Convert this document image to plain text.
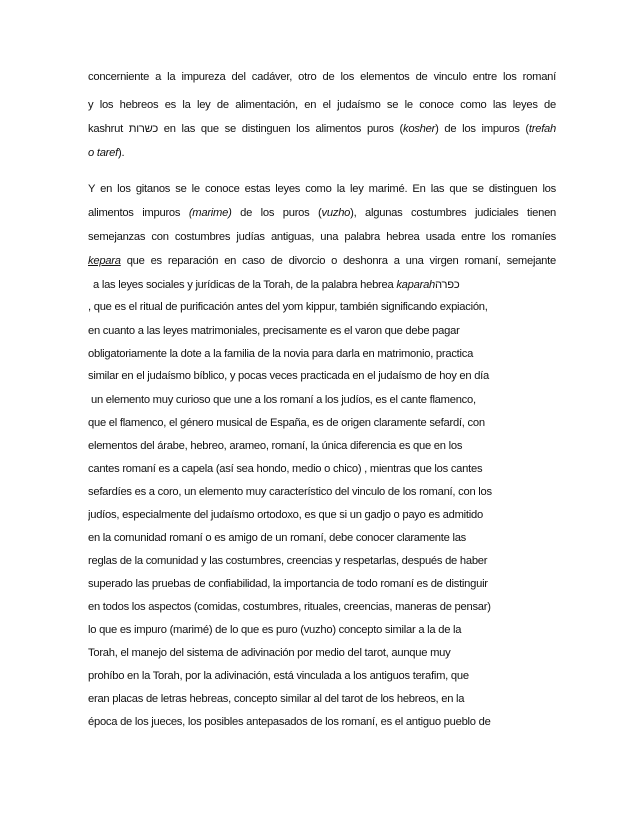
concerniente a la impureza del cadáver, otro de los elementos de vinculo entre los romaní
y los hebreos es la ley de alimentación, en el judaísmo se le conoce como las leyes de
kashrut כשרות en las que se distinguen los alimentos puros (kosher) de los impuros (trefah
o taref).
Y en los gitanos se le conoce estas leyes como la ley marimé. En las que se distinguen los
alimentos impuros (marime) de los puros (vuzho), algunas costumbres judiciales tienen
semejanzas con costumbres judías antiguas, una palabra hebrea usada entre los romaníes
kepara que es reparación en caso de divorcio o deshonra a una virgen romaní, semejante
a las leyes sociales y jurídicas de la Torah, de la palabra hebrea kaparahכפרה
, que es el ritual de purificación antes del yom kippur, también significando expiación,
en cuanto a las leyes matrimoniales, precisamente es el varon que debe pagar
obligatoriamente la dote a la familia de la novia para darla en matrimonio, practica
similar en el judaísmo bíblico, y pocas veces practicada en el judaísmo de hoy en día
un elemento muy curioso que une a los romaní a los judíos, es el cante flamenco,
que el flamenco, el género musical de España, es de origen claramente sefardí, con
elementos del árabe, hebreo, arameo, romaní, la única diferencia es que en los
cantes romaní es a capela (así sea hondo, medio o chico) , mientras que los cantes
sefardíes es a coro, un elemento muy característico del vinculo de los romaní, con los
judíos, especialmente del judaísmo ortodoxo, es que si un gadjo o payo es admitido
en la comunidad romaní o es amigo de un romaní, debe conocer claramente las
reglas de la comunidad y las costumbres, creencias y respetarlas, después de haber
superado las pruebas de confiabilidad, la importancia de todo romaní es de distinguir
en todos los aspectos (comidas, costumbres, rituales, creencias, maneras de pensar)
lo que es impuro (marimé) de lo que es puro (vuzho) concepto similar a la de la
Torah, el manejo del sistema de adivinación por medio del tarot, aunque muy
prohíbo en la Torah, por la adivinación, está vinculada a los antiguos terafim, que
eran placas de letras hebreas, concepto similar al del tarot de los hebreos, en la
época de los jueces, los posibles antepasados de los romaní, es el antiguo pueblo de
